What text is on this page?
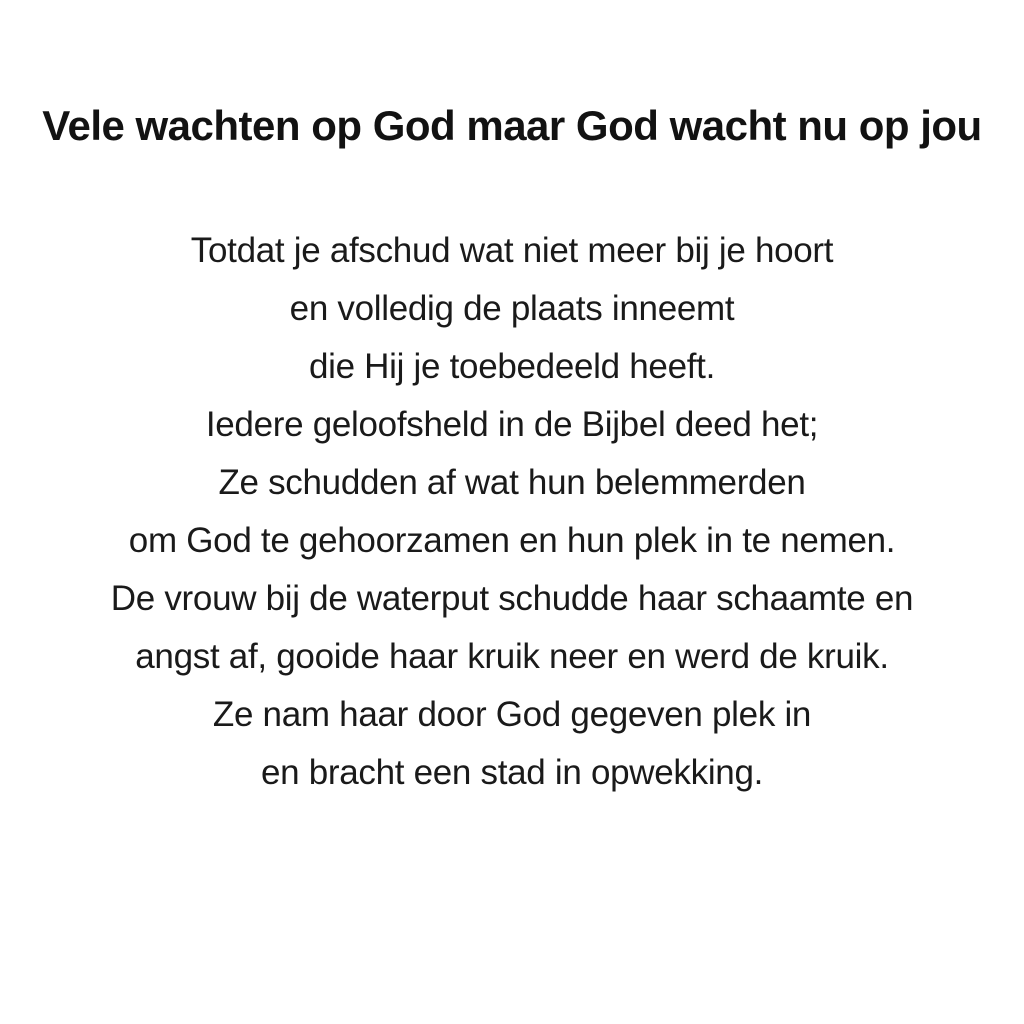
Vele wachten op God maar God wacht nu op jou

Totdat je afschud wat niet meer bij je hoort

en volledig de plaats inneemt

die Hij je toebedeeld heeft.

Iedere geloofsheld in de Bijbel deed het;

Ze schudden af wat hun belemmerden

om God te gehoorzamen en hun plek in te nemen.

De vrouw bij de waterput schudde haar schaamte en

angst af, gooide haar kruik neer en werd de kruik.

Ze nam haar door God gegeven plek in

en bracht een stad in opwekking.
